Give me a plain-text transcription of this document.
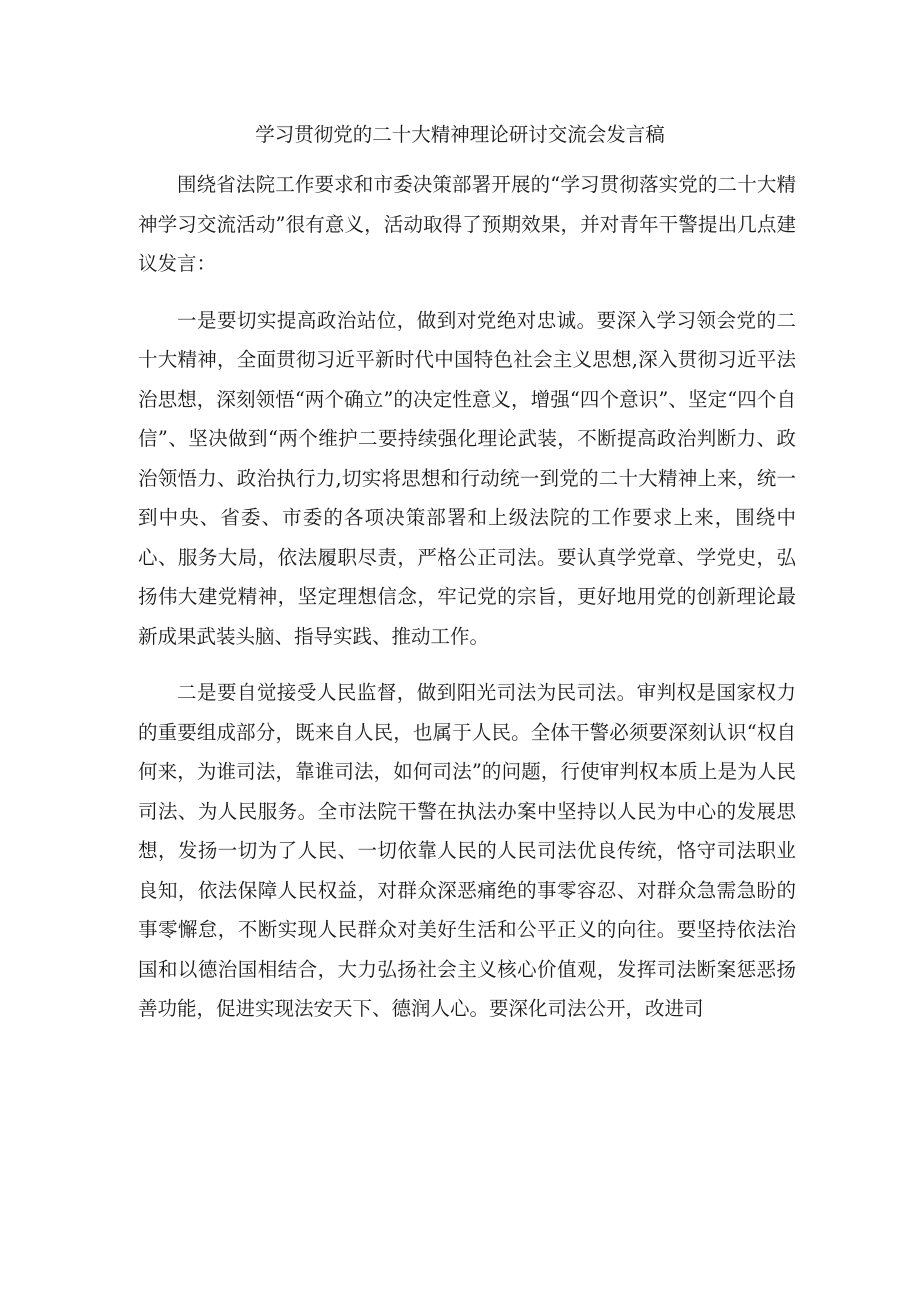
学习贯彻党的二十大精神理论研讨交流会发言稿

围绕省法院工作要求和市委决策部署开展的“学习贯彻落实党的二十大精神学习交流活动”很有意义，活动取得了预期效果，并对青年干警提出几点建议发言：

一是要切实提高政治站位，做到对党绝对忠诚。要深入学习领会党的二十大精神，全面贯彻习近平新时代中国特色社会主义思想,深入贯彻习近平法治思想，深刻领悟“两个确立”的决定性意义，增强“四个意识”、坚定“四个自信”、坚决做到“两个维护二要持续强化理论武装，不断提高政治判断力、政治领悟力、政治执行力,切实将思想和行动统一到党的二十大精神上来，统一到中央、省委、市委的各项决策部署和上级法院的工作要求上来，围绕中心、服务大局，依法履职尽责，严格公正司法。要认真学党章、学党史，弘扬伟大建党精神，坚定理想信念，牢记党的宗旨，更好地用党的创新理论最新成果武装头脑、指导实践、推动工作。

二是要自觉接受人民监督，做到阳光司法为民司法。审判权是国家权力的重要组成部分，既来自人民，也属于人民。全体干警必须要深刻认识“权自何来，为谁司法，靠谁司法，如何司法”的问题，行使审判权本质上是为人民司法、为人民服务。全市法院干警在执法办案中坚持以人民为中心的发展思想，发扬一切为了人民、一切依靠人民的人民司法优良传统，恪守司法职业良知，依法保障人民权益，对群众深恶痛绝的事零容忍、对群众急需急盼的事零懈怠，不断实现人民群众对美好生活和公平正义的向往。要坚持依法治国和以德治国相结合，大力弘扬社会主义核心价值观，发挥司法断案惩恶扬善功能，促进实现法安天下、德润人心。要深化司法公开，改进司
